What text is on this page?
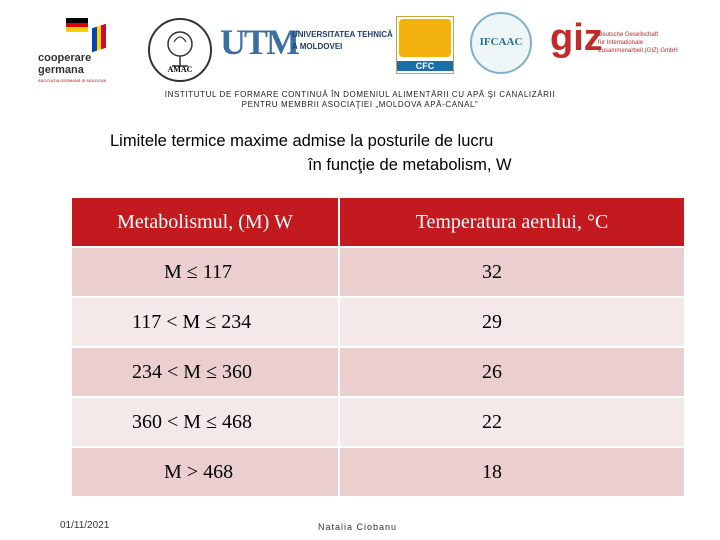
cooperare
germana
ASOCIAȚIA GERMANĂ ŞI MOLDOVA
AMAC
UTM
UNIVERSITATEA TEHNICĂ
A MOLDOVEI
CFC
IFCAAC giz
Deutsche Gesellschaft
für Internationale
Zusammenarbeit (GIZ) GmbH
INSTITUTUL DE FORMARE CONTINUĂ ÎN DOMENIUL ALIMENTĂRII CU APĂ ŞI CANALIZĂRII
PENTRU MEMBRII ASOCIAŢIEI „MOLDOVA APĂ-CANAL”
Limitele termice maxime admise la posturile de lucru
în funcţie de metabolism, W
Metabolismul, (M) W	Temperatura aerului, °C
M ≤ 117	32
117 < M ≤ 234	29
234 < M ≤ 360	26
360 < M ≤ 468	22
M > 468	18
01/11/2021	Natalia Ciobanu
